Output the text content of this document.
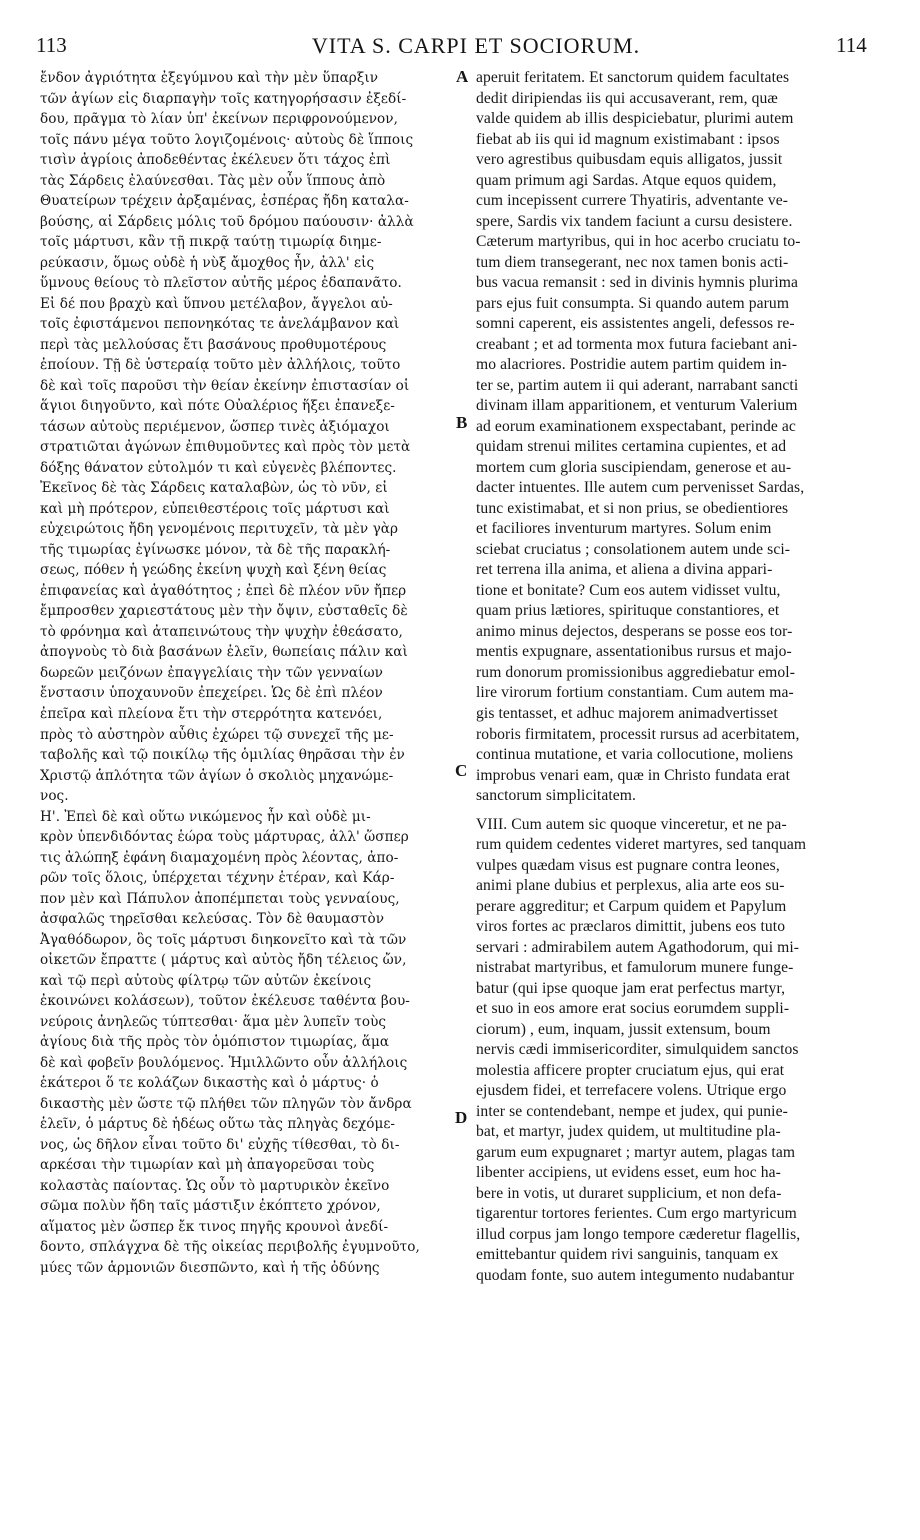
113	VITA S. CARPI ET SOCIORUM.	114
ἔνδον ἀγριότητα ἐξεγύμνου καὶ τὴν μὲν ὕπαρξιν
τῶν ἁγίων εἰς διαρπαγὴν τοῖς κατηγορήσασιν ἐξεδί-
δου, πρᾶγμα τὸ λίαν ὑπ' ἐκείνων περιφρονούμενον,
τοῖς πάνυ μέγα τοῦτο λογιζομένοις· αὐτοὺς δὲ ἵπποις
τισὶν ἀγρίοις ἀποδεθέντας ἐκέλευεν ὅτι τάχος ἐπὶ
τὰς Σάρδεις ἐλαύνεσθαι. Τὰς μὲν οὖν ἵππους ἀπὸ
Θυατείρων τρέχειν ἀρξαμένας, ἑσπέρας ἤδη καταλα-
βούσης, αἱ Σάρδεις μόλις τοῦ δρόμου παύουσιν· ἀλλὰ
τοῖς μάρτυσι, κἂν τῇ πικρᾷ ταύτῃ τιμωρίᾳ διημε-
ρεύκασιν, ὅμως οὐδὲ ἡ νὺξ ἄμοχθος ἦν, ἀλλ' εἰς
ὕμνους θείους τὸ πλεῖστον αὐτῆς μέρος ἐδαπανᾶτο.
Εἰ δέ που βραχὺ καὶ ὕπνου μετέλαβον, ἄγγελοι αὐ-
τοῖς ἐφιστάμενοι πεπονηκότας τε ἀνελάμβανον καὶ
περὶ τὰς μελλούσας ἔτι βασάνους προθυμοτέρους
ἐποίουν. Τῇ δὲ ὑστεραίᾳ τοῦτο μὲν ἀλλήλοις, τοῦτο
δὲ καὶ τοῖς παροῦσι τὴν θείαν ἐκείνην ἐπιστασίαν οἱ
ἅγιοι διηγοῦντο, καὶ πότε Οὐαλέριος ἥξει ἐπανεξε-
τάσων αὐτοὺς περιέμενον, ὥσπερ τινὲς ἀξιόμαχοι
στρατιῶται ἀγώνων ἐπιθυμοῦντες καὶ πρὸς τὸν μετὰ
δόξης θάνατον εὐτολμόν τι καὶ εὐγενὲς βλέποντες.
Ἐκεῖνος δὲ τὰς Σάρδεις καταλαβὼν, ὡς τὸ νῦν, εἰ
καὶ μὴ πρότερον, εὐπειθεστέροις τοῖς μάρτυσι καὶ
εὐχειρώτοις ἤδη γενομένοις περιτυχεῖν, τὰ μὲν γὰρ
τῆς τιμωρίας ἐγίνωσκε μόνον, τὰ δὲ τῆς παρακλή-
σεως, πόθεν ἡ γεώδης ἐκείνη ψυχὴ καὶ ξένη θείας
ἐπιφανείας καὶ ἀγαθότητος ; ἐπεὶ δὲ πλέον νῦν ἤπερ
ἔμπροσθεν χαριεστάτους μὲν τὴν ὄψιν, εὐσταθεῖς δὲ
τὸ φρόνημα καὶ ἀταπεινώτους τὴν ψυχὴν ἐθεάσατο,
ἀπογνοὺς τὸ διὰ βασάνων ἑλεῖν, θωπείαις πάλιν καὶ
δωρεῶν μειζόνων ἐπαγγελίαις τὴν τῶν γενναίων
ἔνστασιν ὑποχαυνοῦν ἐπεχείρει. Ὡς δὲ ἐπὶ πλέον
ἐπεῖρα καὶ πλείονα ἔτι τὴν στερρότητα κατενόει,
πρὸς τὸ αὐστηρὸν αὖθις ἐχώρει τῷ συνεχεῖ τῆς με-
ταβολῆς καὶ τῷ ποικίλῳ τῆς ὁμιλίας θηρᾶσαι τὴν ἐν
Χριστῷ ἁπλότητα τῶν ἁγίων ὁ σκολιὸς μηχανώμε-
νος.
Η'. Ἐπεὶ δὲ καὶ οὕτω νικώμενος ἦν καὶ οὐδὲ μι-
κρὸν ὑπενδιδόντας ἑώρα τοὺς μάρτυρας, ἀλλ' ὥσπερ
τις ἀλώπηξ ἐφάνη διαμαχομένη πρὸς λέοντας, ἀπο-
ρῶν τοῖς ὅλοις, ὑπέρχεται τέχνην ἑτέραν, καὶ Κάρ-
πον μὲν καὶ Πάπυλον ἀποπέμπεται τοὺς γενναίους,
ἀσφαλῶς τηρεῖσθαι κελεύσας. Τὸν δὲ θαυμαστὸν
Ἀγαθόδωρον, ὃς τοῖς μάρτυσι διηκονεῖτο καὶ τὰ τῶν
οἰκετῶν ἔπραττε ( μάρτυς καὶ αὐτὸς ἤδη τέλειος ὤν,
καὶ τῷ περὶ αὐτοὺς φίλτρῳ τῶν αὐτῶν ἐκείνοις
ἐκοινώνει κολάσεων), τοῦτον ἐκέλευσε ταθέντα βου-
νεύροις ἀνηλεῶς τύπτεσθαι· ἅμα μὲν λυπεῖν τοὺς
ἁγίους διὰ τῆς πρὸς τὸν ὁμόπιστον τιμωρίας, ἅμα
δὲ καὶ φοβεῖν βουλόμενος. Ἡμιλλῶντο οὖν ἀλλήλοις
ἑκάτεροι ὅ τε κολάζων δικαστὴς καὶ ὁ μάρτυς· ὁ
δικαστὴς μὲν ὥστε τῷ πλήθει τῶν πληγῶν τὸν ἄνδρα
ἑλεῖν, ὁ μάρτυς δὲ ἡδέως οὕτω τὰς πληγὰς δεχόμε-
νος, ὡς δῆλον εἶναι τοῦτο δι' εὐχῆς τίθεσθαι, τὸ δι-
αρκέσαι τὴν τιμωρίαν καὶ μὴ ἀπαγορεῦσαι τοὺς
κολαστὰς παίοντας. Ὡς οὖν τὸ μαρτυρικὸν ἐκεῖνο
σῶμα πολὺν ἤδη ταῖς μάστιξιν ἐκόπτετο χρόνον,
αἵματος μὲν ὥσπερ ἔκ τινος πηγῆς κρουνοὶ ἀνεδί-
δοντο, σπλάγχνα δὲ τῆς οἰκείας περιβολῆς ἐγυμνοῦτο,
μύες τῶν ἁρμονιῶν διεσπῶντο, καὶ ἡ τῆς ὀδύνης
aperuit feritatem. Et sanctorum quidem facultates
dedit diripiendas iis qui accusaverant, rem, quæ
valde quidem ab illis despiciebatur, plurimi autem
fiebat ab iis qui id magnum existimabant : ipsos
vero agrestibus quibusdam equis alligatos, jussit
quam primum agi Sardas. Atque equos quidem,
cum incepissent currere Thyatiris, adventante ve-
spere, Sardis vix tandem faciunt a cursu desistere.
Cæterum martyribus, qui in hoc acerbo cruciatu to-
tum diem transegerant, nec nox tamen bonis acti-
bus vacua remansit : sed in divinis hymnis plurima
pars ejus fuit consumpta. Si quando autem parum
somni caperent, eis assistentes angeli, defessos re-
creabant ; et ad tormenta mox futura faciebant ani-
mo alacriores. Postridie autem partim quidem in-
ter se, partim autem ii qui aderant, narrabant sancti
divinam illam apparitionem, et venturum Valerium
ad eorum examinationem exspectabant, perinde ac
quidam strenui milites certamina cupientes, et ad
mortem cum gloria suscipiendam, generose et au-
dacter intuentes. Ille autem cum pervenisset Sardas,
tunc existimabat, et si non prius, se obedientiores
et faciliores inventurum martyres. Solum enim
sciebat cruciatus ; consolationem autem unde sci-
ret terrena illa anima, et aliena a divina appari-
tione et bonitate? Cum eos autem vidisset vultu,
quam prius lætiores, spirituque constantiores, et
animo minus dejectos, desperans se posse eos tor-
mentis expugnare, assentationibus rursus et majo-
rum donorum promissionibus aggrediebatur emol-
lire virorum fortium constantiam. Cum autem ma-
gis tentasset, et adhuc majorem animadvertisset
roboris firmitatem, processit rursus ad acerbitatem,
continua mutatione, et varia collocutione, moliens
improbus venari eam, quæ in Christo fundata erat
sanctorum simplicitatem.
VIII. Cum autem sic quoque vinceretur, et ne pa-
rum quidem cedentes videret martyres, sed tanquam
vulpes quædam visus est pugnare contra leones,
animi plane dubius et perplexus, alia arte eos su-
perare aggreditur; et Carpum quidem et Papylum
viros fortes ac præclaros dimittit, jubens eos tuto
servari : admirabilem autem Agathodorum, qui mi-
nistrabat martyribus, et famulorum munere funge-
batur (qui ipse quoque jam erat perfectus martyr,
et suo in eos amore erat socius eorumdem suppli-
ciorum) , eum, inquam, jussit extensum, boum
nervis cædi immisericorditer, simulquidem sanctos
molestia afficere propter cruciatum ejus, qui erat
ejusdem fidei, et terrefacere volens. Utrique ergo
inter se contendebant, nempe et judex, qui punie-
bat, et martyr, judex quidem, ut multitudine pla-
garum eum expugnaret ; martyr autem, plagas tam
libenter accipiens, ut evidens esset, eum hoc ha-
bere in votis, ut duraret supplicium, et non defa-
tigarentur tortores ferientes. Cum ergo martyricum
illud corpus jam longo tempore cæderetur flagellis,
emittebantur quidem rivi sanguinis, tanquam ex
quodam fonte, suo autem integumento nudabantur
A
B
C
D
